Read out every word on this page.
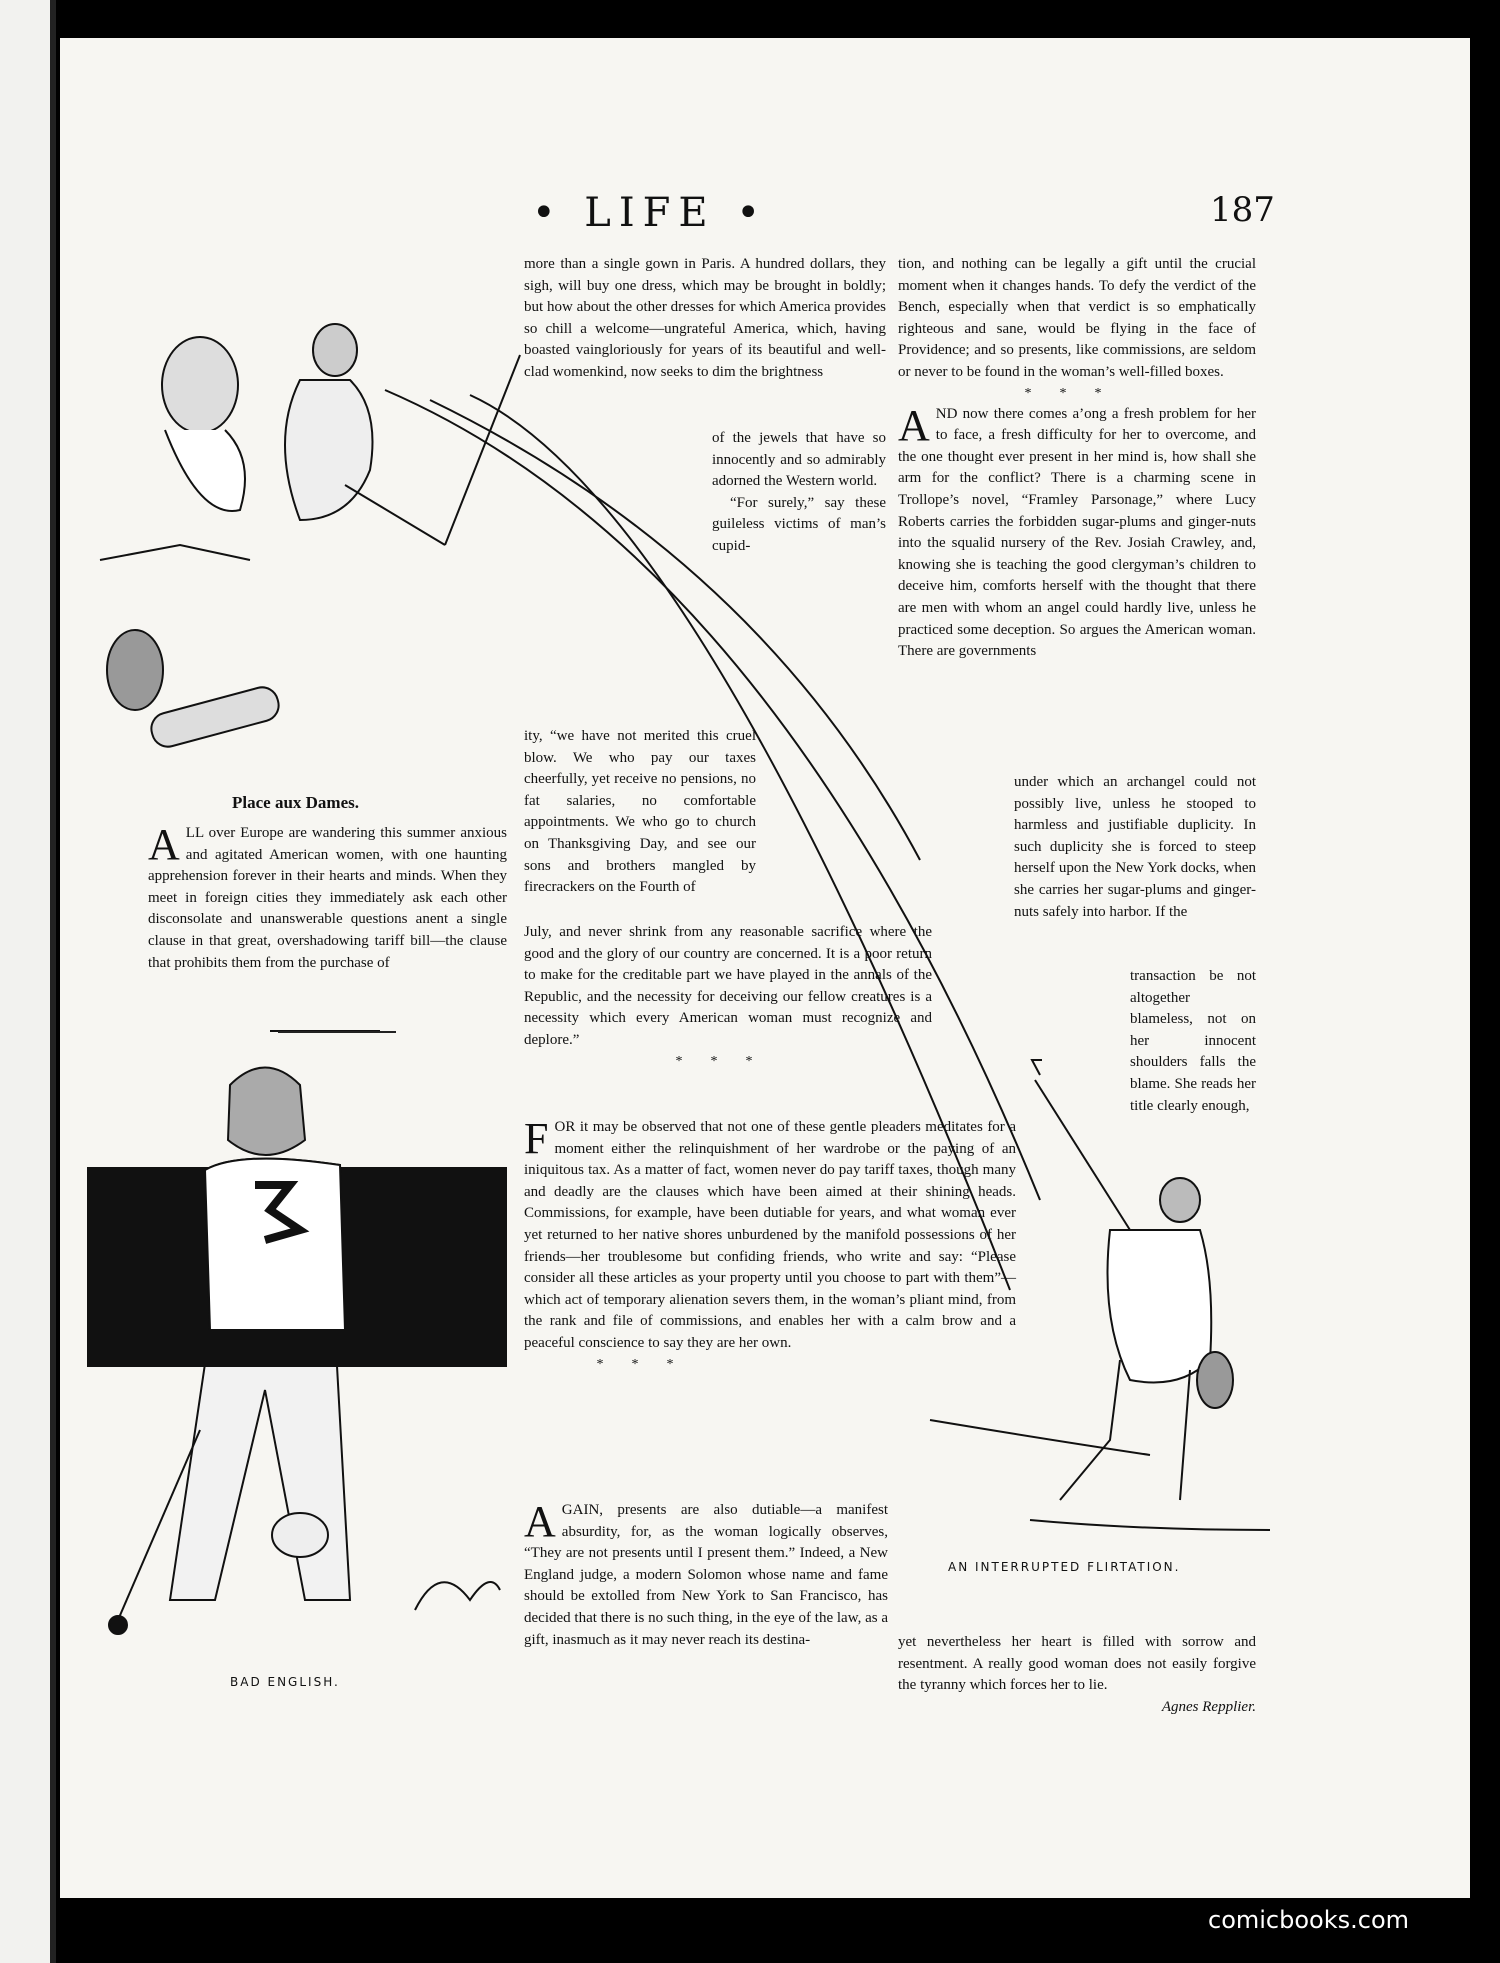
• LIFE •	187
Place aux Dames.

ALL over Europe are wandering this summer anxious and agitated American women, with one haunting apprehension forever in their hearts and minds. When they meet in foreign cities they immediately ask each other disconsolate and unanswerable questions anent a single clause in that great, overshadowing tariff bill—the clause that prohibits them from the purchase of

BAD ENGLISH.

more than a single gown in Paris. A hundred dollars, they sigh, will buy one dress, which may be brought in boldly; but how about the other dresses for which America provides so chill a welcome—ungrateful America, which, having boasted vaingloriously for years of its beautiful and well-clad womenkind, now seeks to dim the brightness

of the jewels that have so innocently and so admirably adorned the Western world.

“For surely,” say these guileless victims of man’s cupid-

ity, “we have not merited this cruel blow. We who pay our taxes cheerfully, yet receive no pensions, no fat salaries, no comfortable appointments. We who go to church on Thanksgiving Day, and see our sons and brothers mangled by firecrackers on the Fourth of

July, and never shrink from any reasonable sacrifice where the good and the glory of our country are concerned. It is a poor return to make for the creditable part we have played in the annals of the Republic, and the necessity for deceiving our fellow creatures is a necessity which every American woman must recognize and deplore.”

***

FOR it may be observed that not one of these gentle pleaders meditates for a moment either the relinquishment of her wardrobe or the paying of an iniquitous tax. As a matter of fact, women never do pay tariff taxes, though many and deadly are the clauses which have been aimed at their shining heads. Commissions, for example, have been dutiable for years, and what woman ever yet returned to her native shores unburdened by the manifold possessions of her friends—her troublesome but confiding friends, who write and say: “Please consider all these articles as your property until you choose to part with them”—which act of temporary alienation severs them, in the woman’s pliant mind, from the rank and file of commissions, and enables her with a calm brow and a peaceful conscience to say they are her own.

***

AGAIN, presents are also dutiable—a manifest absurdity, for, as the woman logically observes, “They are not presents until I present them.” Indeed, a New England judge, a modern Solomon whose name and fame should be extolled from New York to San Francisco, has decided that there is no such thing, in the eye of the law, as a gift, inasmuch as it may never reach its destina-

tion, and nothing can be legally a gift until the crucial moment when it changes hands. To defy the verdict of the Bench, especially when that verdict is so emphatically righteous and sane, would be flying in the face of Providence; and so presents, like commissions, are seldom or never to be found in the woman’s well-filled boxes.

***

AND now there comes a’ong a fresh problem for her to face, a fresh difficulty for her to overcome, and the one thought ever present in her mind is, how shall she arm for the conflict? There is a charming scene in Trollope’s novel, “Framley Parsonage,” where Lucy Roberts carries the forbidden sugar-plums and ginger-nuts into the squalid nursery of the Rev. Josiah Crawley, and, knowing she is teaching the good clergyman’s children to deceive him, comforts herself with the thought that there are men with whom an angel could hardly live, unless he practiced some deception. So argues the American woman. There are governments

under which an archangel could not possibly live, unless he stooped to harmless and justifiable duplicity. In such duplicity she is forced to steep herself upon the New York docks, when she carries her sugar-plums and ginger-nuts safely into harbor. If the

transaction be not altogether blameless, not on her innocent shoulders falls the blame. She reads her title clearly enough,

AN INTERRUPTED FLIRTATION.

yet nevertheless her heart is filled with sorrow and resentment. A really good woman does not easily forgive the tyranny which forces her to lie.

Agnes Repplier.

comicbooks.com
